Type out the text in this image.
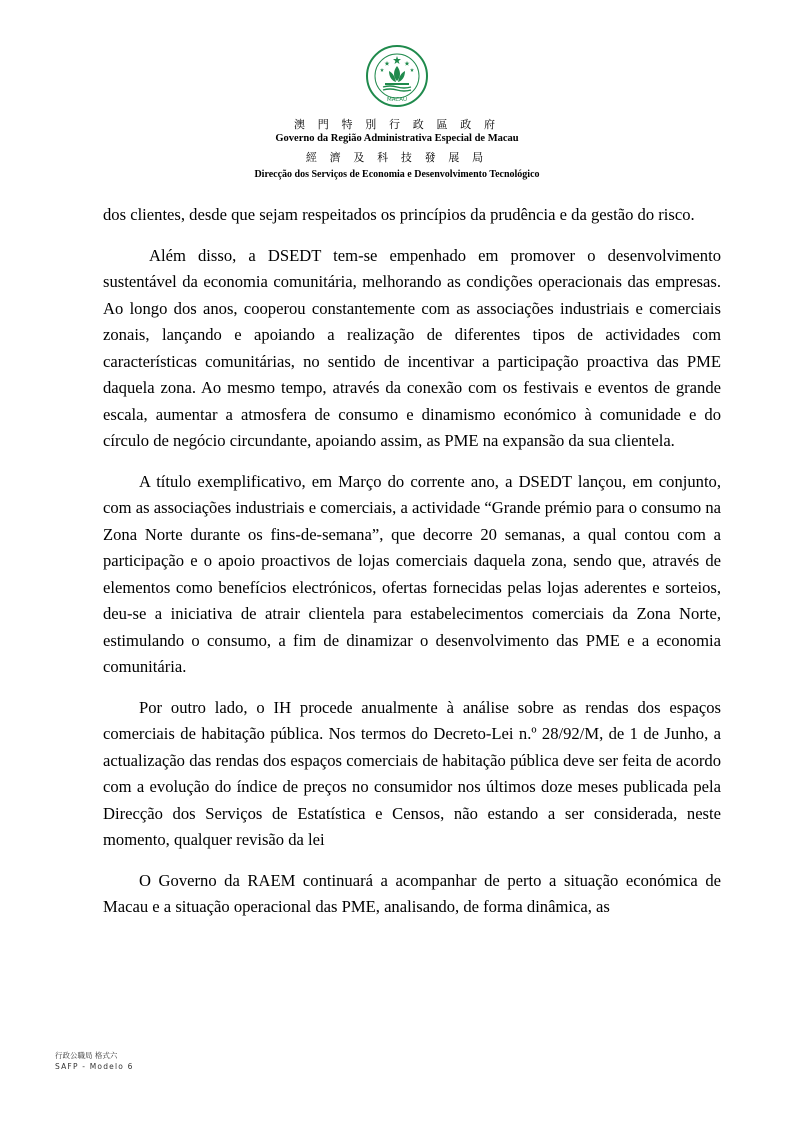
MACAU
澳 門 特 別 行 政 區 政 府
Governo da Região Administrativa Especial de Macau
經 濟 及 科 技 發 展 局
Direcção dos Serviços de Economia e Desenvolvimento Tecnológico

dos clientes, desde que sejam respeitados os princípios da prudência e da gestão do risco.

Além disso, a DSEDT tem-se empenhado em promover o desenvolvimento sustentável da economia comunitária, melhorando as condições operacionais das empresas. Ao longo dos anos, cooperou constantemente com as associações industriais e comerciais zonais, lançando e apoiando a realização de diferentes tipos de actividades com características comunitárias, no sentido de incentivar a participação proactiva das PME daquela zona. Ao mesmo tempo, através da conexão com os festivais e eventos de grande escala, aumentar a atmosfera de consumo e dinamismo económico à comunidade e do círculo de negócio circundante, apoiando assim, as PME na expansão da sua clientela.

A título exemplificativo, em Março do corrente ano, a DSEDT lançou, em conjunto, com as associações industriais e comerciais, a actividade “Grande prémio para o consumo na Zona Norte durante os fins-de-semana”, que decorre 20 semanas, a qual contou com a participação e o apoio proactivos de lojas comerciais daquela zona, sendo que, através de elementos como benefícios electrónicos, ofertas fornecidas pelas lojas aderentes e sorteios, deu-se a iniciativa de atrair clientela para estabelecimentos comerciais da Zona Norte, estimulando o consumo, a fim de dinamizar o desenvolvimento das PME e a economia comunitária.

Por outro lado, o IH procede anualmente à análise sobre as rendas dos espaços comerciais de habitação pública. Nos termos do Decreto-Lei n.º 28/92/M, de 1 de Junho, a actualização das rendas dos espaços comerciais de habitação pública deve ser feita de acordo com a evolução do índice de preços no consumidor nos últimos doze meses publicada pela Direcção dos Serviços de Estatística e Censos, não estando a ser considerada, neste momento, qualquer revisão da lei

O Governo da RAEM continuará a acompanhar de perto a situação económica de Macau e a situação operacional das PME, analisando, de forma dinâmica, as

行政公職局 格式六
SAFP - Modelo 6
